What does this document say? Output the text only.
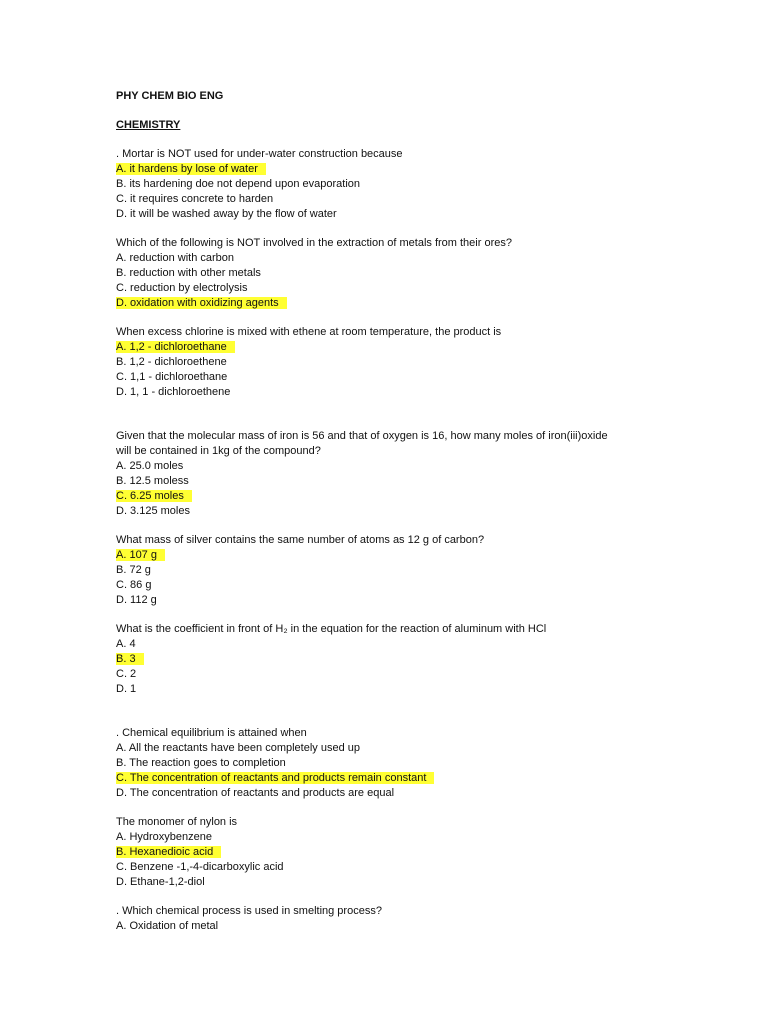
PHY CHEM BIO ENG
CHEMISTRY
. Mortar is NOT used for under-water construction because
A. it hardens by lose of water
B. its hardening doe not depend upon evaporation
C. it requires concrete to harden
D. it will be washed away by the flow of water
Which of the following is NOT involved in the extraction of metals from their ores?
A. reduction with carbon
B. reduction with other metals
C. reduction by electrolysis
D. oxidation with oxidizing agents
When excess chlorine is mixed with ethene at room temperature, the product is
A. 1,2 - dichloroethane
B. 1,2 - dichloroethene
C. 1,1 - dichloroethane
D. 1, 1 - dichloroethene
Given that the molecular mass of iron is 56 and that of oxygen is 16, how many moles of iron(iii)oxide
will be contained in 1kg of the compound?
A. 25.0 moles
B. 12.5 moless
C. 6.25 moles
D. 3.125 moles
What mass of silver contains the same number of atoms as 12 g of carbon?
A. 107 g
B. 72 g
C. 86 g
D. 112 g
What is the coefficient in front of H₂ in the equation for the reaction of aluminum with HCl
A. 4
B. 3
C. 2
D. 1
. Chemical equilibrium is attained when
A. All the reactants have been completely used up
B. The reaction goes to completion
C. The concentration of reactants and products remain constant
D. The concentration of reactants and products are equal
The monomer of nylon is
A. Hydroxybenzene
B. Hexanedioic acid
C. Benzene -1,-4-dicarboxylic acid
D. Ethane-1,2-diol
. Which chemical process is used in smelting process?
A. Oxidation of metal
